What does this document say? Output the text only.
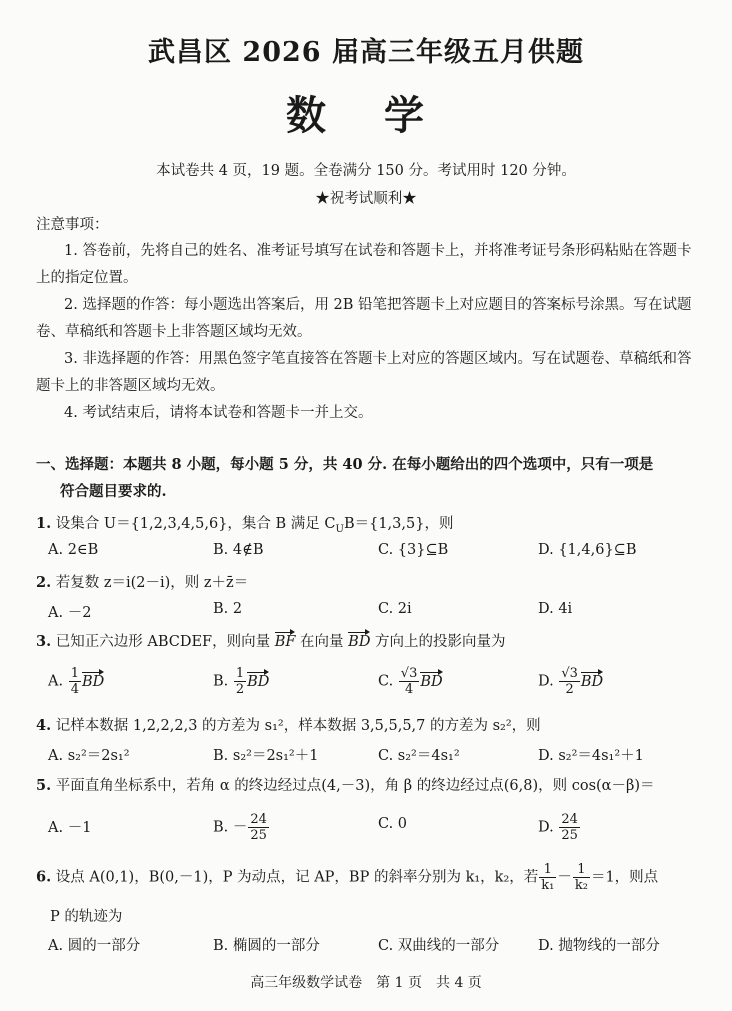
武昌区 2026 届高三年级五月供题
数 学
本试卷共 4 页，19 题。全卷满分 150 分。考试用时 120 分钟。
★祝考试顺利★
注意事项：

1. 答卷前，先将自己的姓名、准考证号填写在试卷和答题卡上，并将准考证号条形码粘贴在答题卡上的指定位置。

2. 选择题的作答：每小题选出答案后，用 2B 铅笔把答题卡上对应题目的答案标号涂黑。写在试题卷、草稿纸和答题卡上非答题区域均无效。

3. 非选择题的作答：用黑色签字笔直接答在答题卡上对应的答题区域内。写在试题卷、草稿纸和答题卡上的非答题区域均无效。

4. 考试结束后，请将本试卷和答题卡一并上交。

一、选择题：本题共 8 小题，每小题 5 分，共 40 分. 在每小题给出的四个选项中，只有一项是
符合题目要求的.
1. 设集合 U＝{1,2,3,4,5,6}，集合 B 满足 $C_UB=\{1,3,5\}$，则
A. 2∈B	B. 4∉B	C. {3}⊆B	D. {1,4,6}⊆B
2. 若复数 z＝i(2－i)，则 z＋z̄＝
A. －2	B. 2	C. 2i	D. 4i
3. 已知正六边形 ABCDEF，则向量 BF 在向量 BD 方向上的投影向量为
A. $\frac{1}{4}$ BD	B. $\frac{1}{2}$ BD	C. $\frac{√3}{4}$ BD	D. $\frac{√3}{2}$ BD
4. 记样本数据 1,2,2,2,3 的方差为 s₁²，样本数据 3,5,5,5,7 的方差为 s₂²，则
A. s₂²＝2s₁²	B. s₂²＝2s₁²＋1	C. s₂²＝4s₁²	D. s₂²＝4s₁²＋1
5. 平面直角坐标系中，若角 α 的终边经过点(4,－3)，角 β 的终边经过点(6,8)，则 cos(α－β)＝
A. －1	B. － $\frac{24}{25}$	C. 0	D. $\frac{24}{25}$
6. 设点 A(0,1)，B(0,－1)，P 为动点，记 AP，BP 的斜率分别为 k₁，k₂，若 $\frac{1}{\text{k₁}} - \frac{1}{\text{k₂}} =1$，则点
P 的轨迹为
A. 圆的一部分	B. 椭圆的一部分	C. 双曲线的一部分	D. 抛物线的一部分
高三年级数学试卷　第 1 页　共 4 页
